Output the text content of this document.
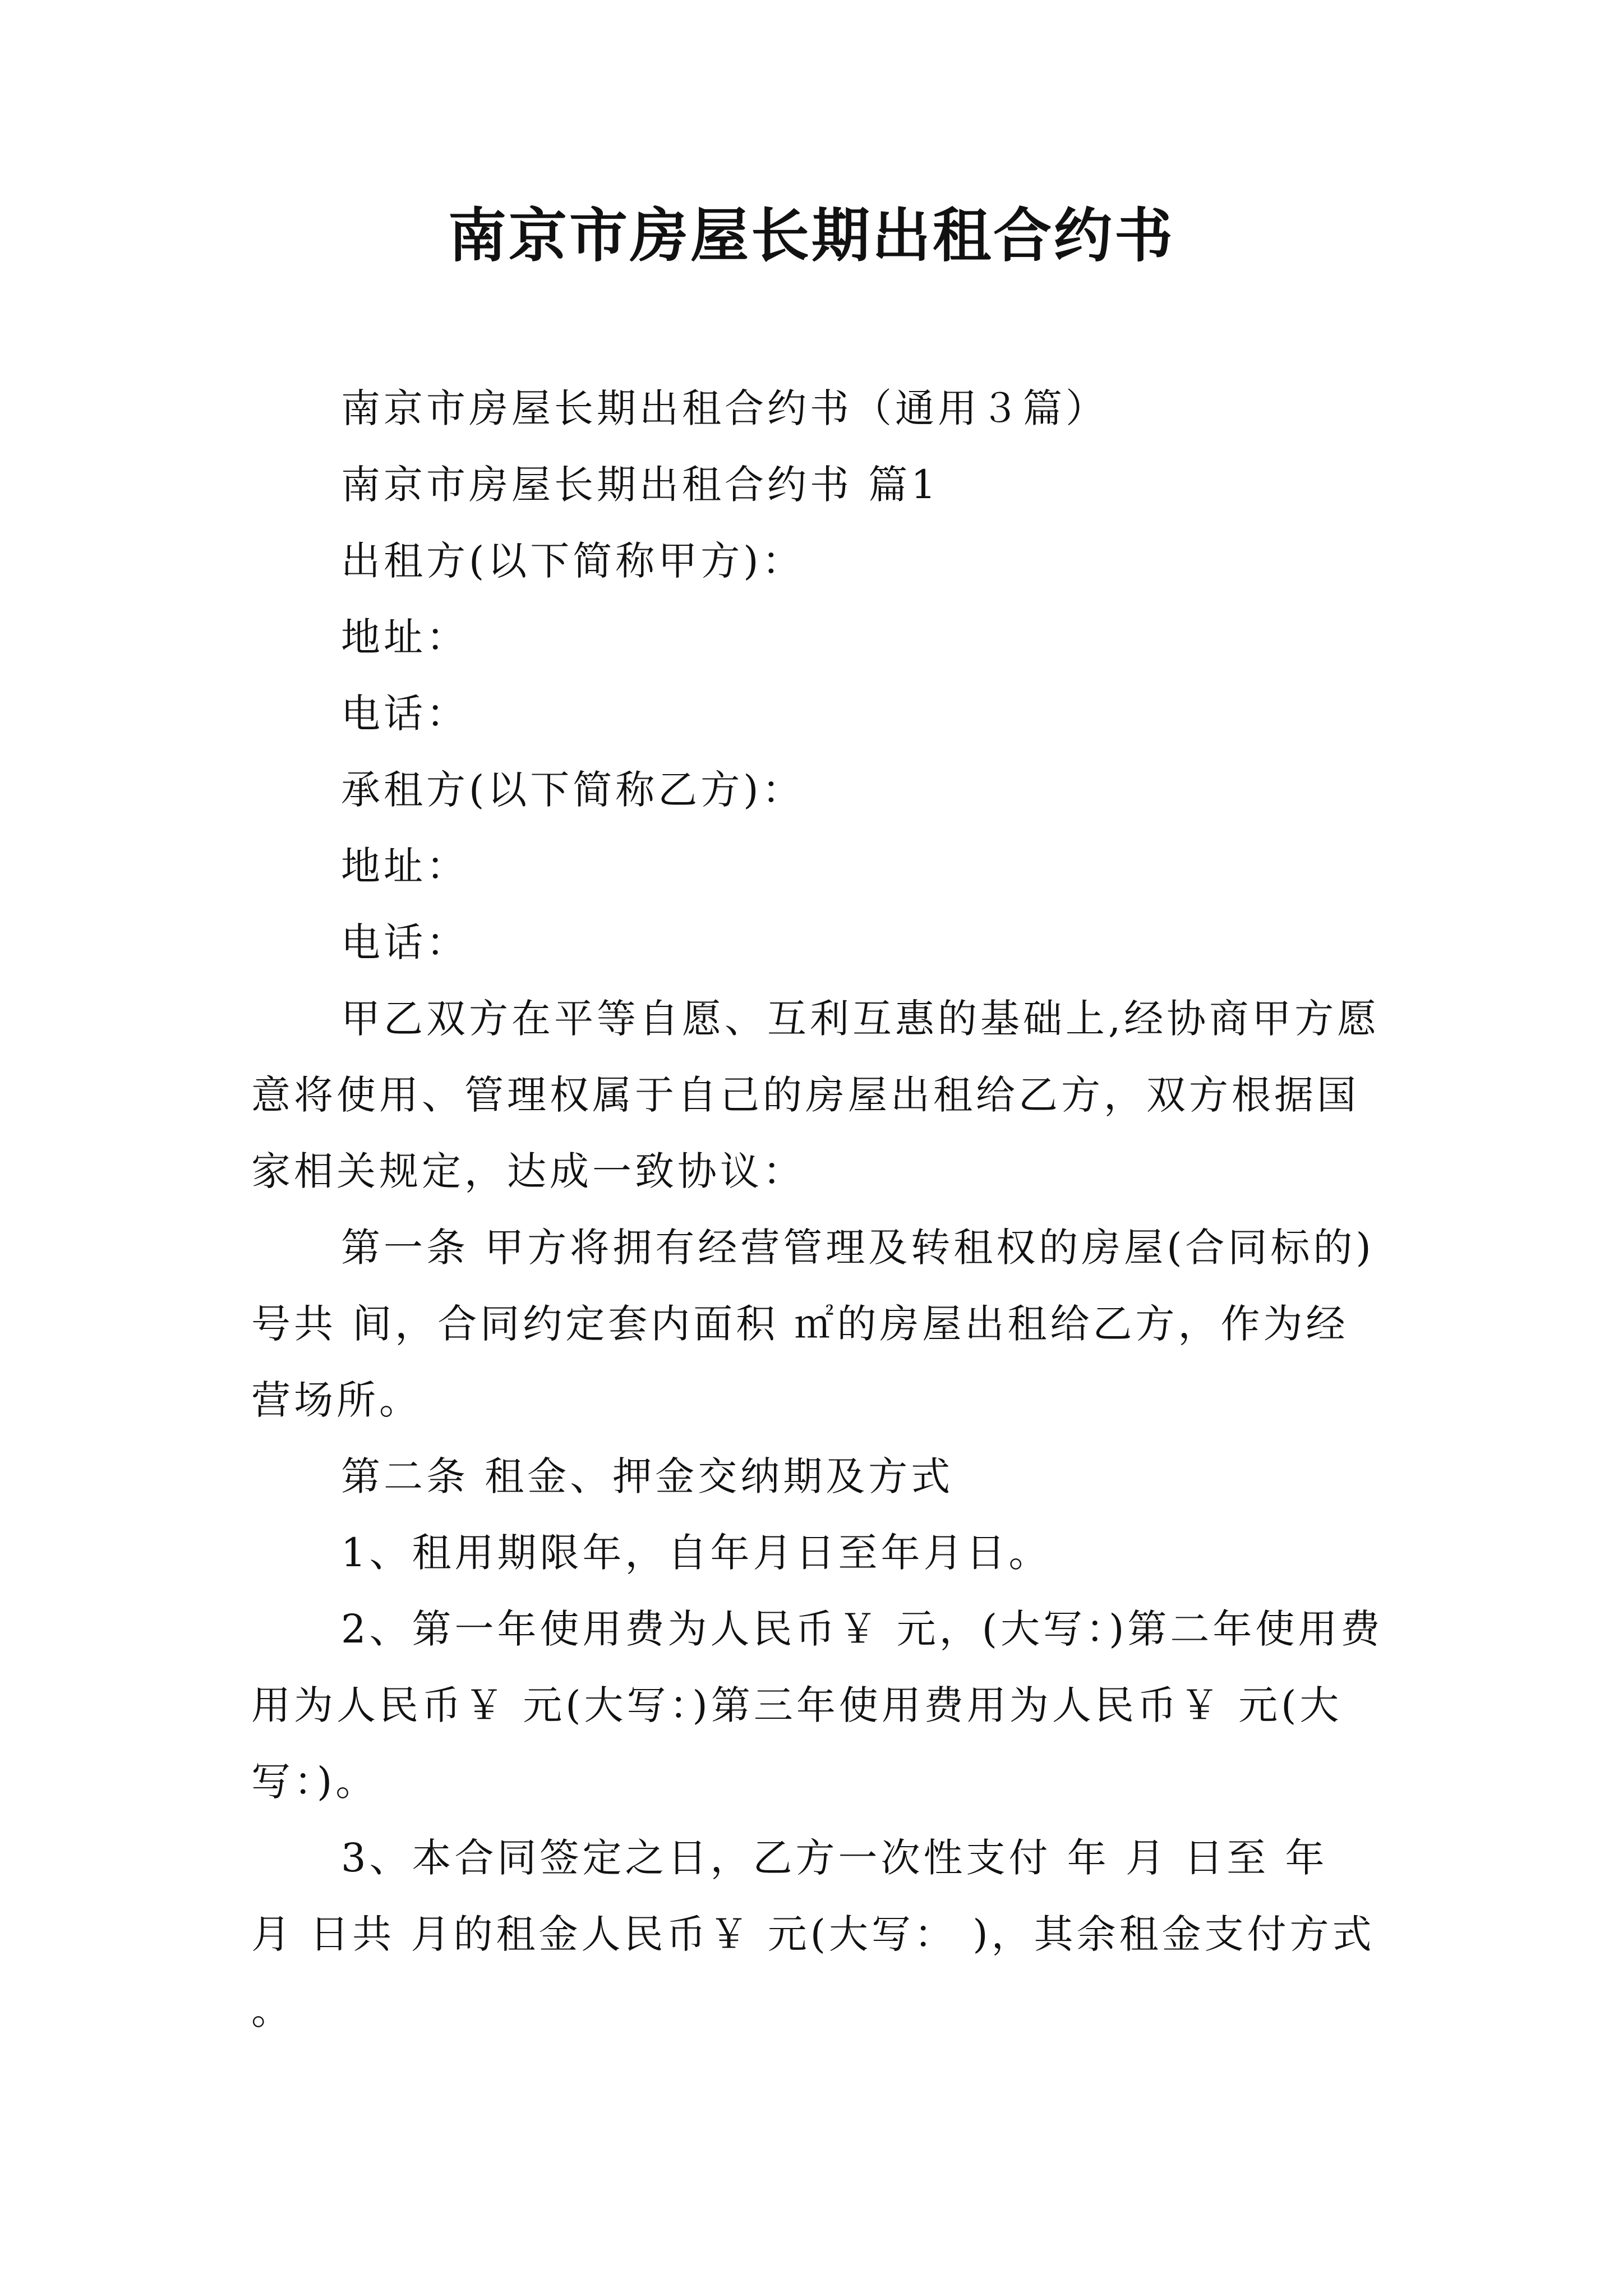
南京市房屋长期出租合约书

南京市房屋长期出租合约书（通用３篇）

南京市房屋长期出租合约书 篇1

出租方(以下简称甲方)：

地址：

电话：

承租方(以下简称乙方)：

地址：

电话：

甲乙双方在平等自愿、互利互惠的基础上,经协商甲方愿意将使用、管理权属于自己的房屋出租给乙方，双方根据国家相关规定，达成一致协议：

第一条 甲方将拥有经营管理及转租权的房屋(合同标的)号共 间，合同约定套内面积 ㎡的房屋出租给乙方，作为经营场所。

第二条 租金、押金交纳期及方式

1、租用期限年，自年月日至年月日。

2、第一年使用费为人民币￥ 元，(大写：)第二年使用费用为人民币￥ 元(大写：)第三年使用费用为人民币￥ 元(大写：)。

3、本合同签定之日，乙方一次性支付 年 月 日至 年 月 日共 月的租金人民币￥ 元(大写： )，其余租金支付方式 。
